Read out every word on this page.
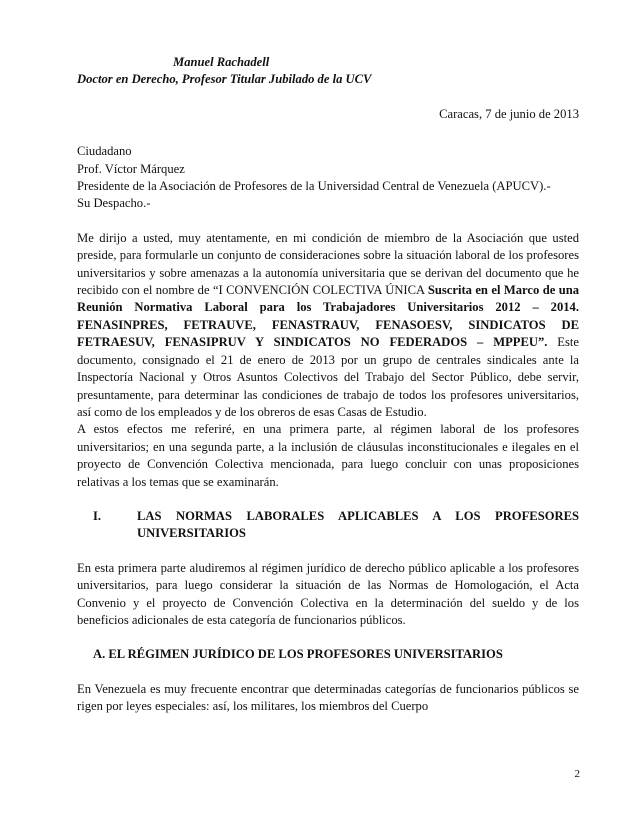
Manuel Rachadell
Doctor en Derecho, Profesor Titular Jubilado de la UCV
Caracas, 7 de junio de 2013
Ciudadano
Prof. Víctor Márquez
Presidente de la Asociación de Profesores de la Universidad Central de Venezuela (APUCV).-
Su Despacho.-

Me dirijo a usted, muy atentamente, en mi condición de miembro de la Asociación que usted preside, para formularle un conjunto de consideraciones sobre la situación laboral de los profesores universitarios y sobre amenazas a la autonomía universitaria que se derivan del documento que he recibido con el nombre de “I CONVENCIÓN COLECTIVA ÚNICA Suscrita en el Marco de una Reunión Normativa Laboral para los Trabajadores Universitarios 2012 – 2014. FENASINPRES, FETRAUVE, FENASTRAUV, FENASOESV, SINDICATOS DE FETRAESUV, FENASIPRUV Y SINDICATOS NO FEDERADOS – MPPEU”. Este documento, consignado el 21 de enero de 2013 por un grupo de centrales sindicales ante la Inspectoría Nacional y Otros Asuntos Colectivos del Trabajo del Sector Público, debe servir, presuntamente, para determinar las condiciones de trabajo de todos los profesores universitarios, así como de los empleados y de los obreros de esas Casas de Estudio.

A estos efectos me referiré, en una primera parte, al régimen laboral de los profesores universitarios; en una segunda parte, a la inclusión de cláusulas inconstitucionales e ilegales en el proyecto de Convención Colectiva mencionada, para luego concluir con unas proposiciones relativas a los temas que se examinarán.

I.	LAS NORMAS LABORALES APLICABLES A LOS PROFESORES UNIVERSITARIOS

En esta primera parte aludiremos al régimen jurídico de derecho público aplicable a los profesores universitarios, para luego considerar la situación de las Normas de Homologación, el Acta Convenio y el proyecto de Convención Colectiva en la determinación del sueldo y de los beneficios adicionales de esta categoría de funcionarios públicos.

A. EL RÉGIMEN JURÍDICO DE LOS PROFESORES UNIVERSITARIOS

En Venezuela es muy frecuente encontrar que determinadas categorías de funcionarios públicos se rigen por leyes especiales: así, los militares, los miembros del Cuerpo

2
